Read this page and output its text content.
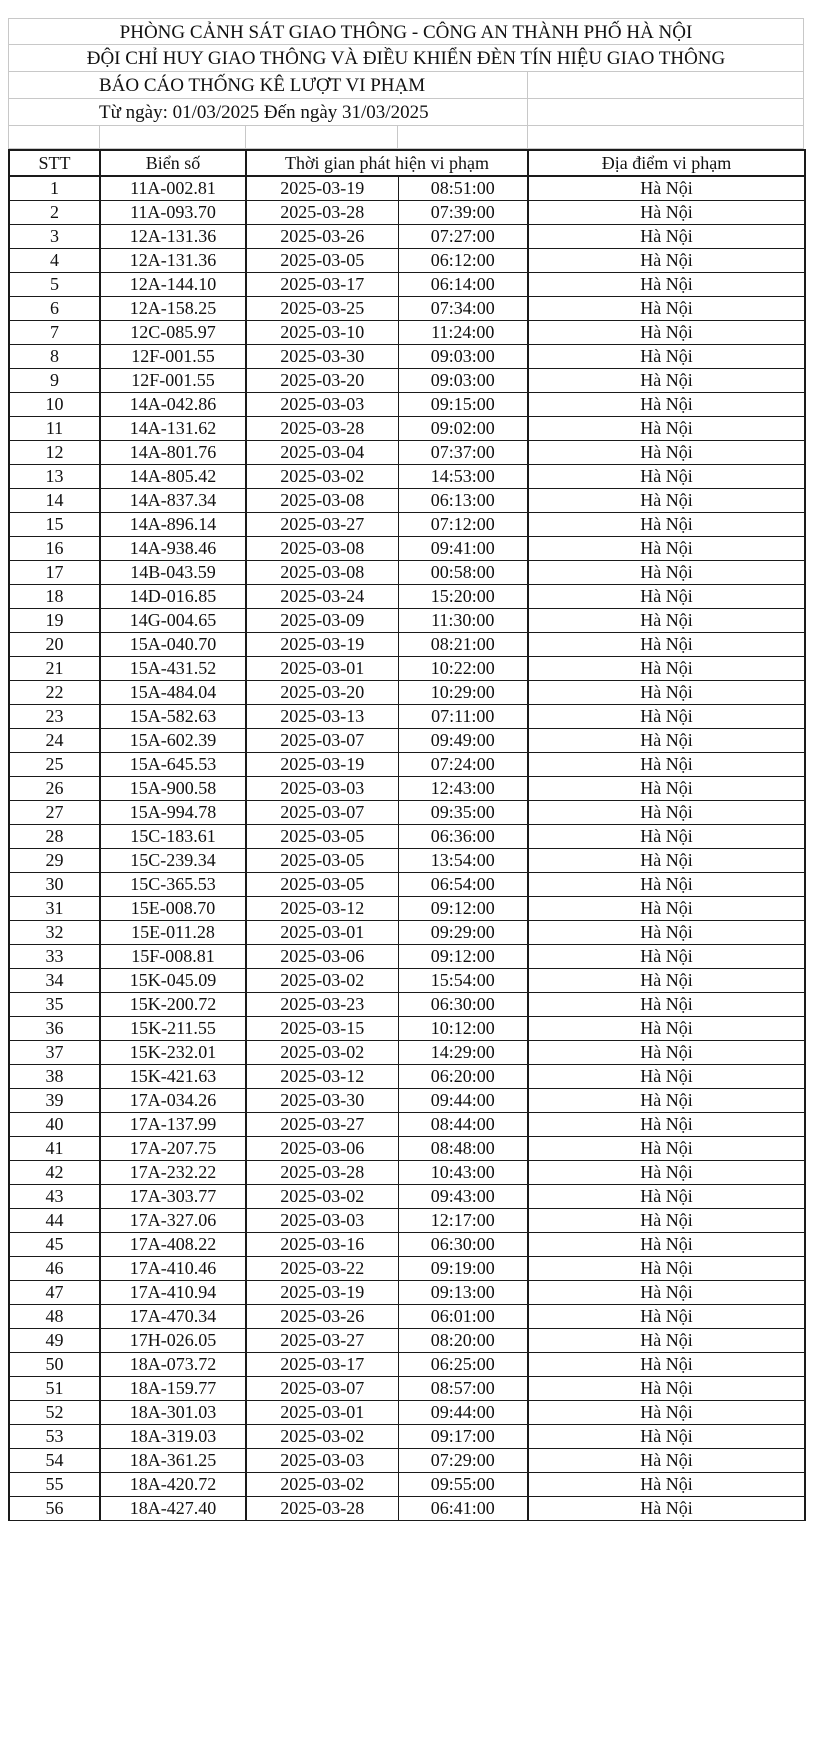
PHÒNG CẢNH SÁT GIAO THÔNG - CÔNG AN THÀNH PHỐ HÀ NỘI
ĐỘI CHỈ HUY GIAO THÔNG VÀ ĐIỀU KHIỂN ĐÈN TÍN HIỆU GIAO THÔNG
BÁO CÁO THỐNG KÊ LƯỢT VI PHẠM
Từ ngày: 01/03/2025 Đến ngày 31/03/2025
STT	Biển số	Thời gian phát hiện vi phạm		Địa điểm vi phạm
1	11A-002.81	2025-03-19	08:51:00	Hà Nội
2	11A-093.70	2025-03-28	07:39:00	Hà Nội
3	12A-131.36	2025-03-26	07:27:00	Hà Nội
4	12A-131.36	2025-03-05	06:12:00	Hà Nội
5	12A-144.10	2025-03-17	06:14:00	Hà Nội
6	12A-158.25	2025-03-25	07:34:00	Hà Nội
7	12C-085.97	2025-03-10	11:24:00	Hà Nội
8	12F-001.55	2025-03-30	09:03:00	Hà Nội
9	12F-001.55	2025-03-20	09:03:00	Hà Nội
10	14A-042.86	2025-03-03	09:15:00	Hà Nội
11	14A-131.62	2025-03-28	09:02:00	Hà Nội
12	14A-801.76	2025-03-04	07:37:00	Hà Nội
13	14A-805.42	2025-03-02	14:53:00	Hà Nội
14	14A-837.34	2025-03-08	06:13:00	Hà Nội
15	14A-896.14	2025-03-27	07:12:00	Hà Nội
16	14A-938.46	2025-03-08	09:41:00	Hà Nội
17	14B-043.59	2025-03-08	00:58:00	Hà Nội
18	14D-016.85	2025-03-24	15:20:00	Hà Nội
19	14G-004.65	2025-03-09	11:30:00	Hà Nội
20	15A-040.70	2025-03-19	08:21:00	Hà Nội
21	15A-431.52	2025-03-01	10:22:00	Hà Nội
22	15A-484.04	2025-03-20	10:29:00	Hà Nội
23	15A-582.63	2025-03-13	07:11:00	Hà Nội
24	15A-602.39	2025-03-07	09:49:00	Hà Nội
25	15A-645.53	2025-03-19	07:24:00	Hà Nội
26	15A-900.58	2025-03-03	12:43:00	Hà Nội
27	15A-994.78	2025-03-07	09:35:00	Hà Nội
28	15C-183.61	2025-03-05	06:36:00	Hà Nội
29	15C-239.34	2025-03-05	13:54:00	Hà Nội
30	15C-365.53	2025-03-05	06:54:00	Hà Nội
31	15E-008.70	2025-03-12	09:12:00	Hà Nội
32	15E-011.28	2025-03-01	09:29:00	Hà Nội
33	15F-008.81	2025-03-06	09:12:00	Hà Nội
34	15K-045.09	2025-03-02	15:54:00	Hà Nội
35	15K-200.72	2025-03-23	06:30:00	Hà Nội
36	15K-211.55	2025-03-15	10:12:00	Hà Nội
37	15K-232.01	2025-03-02	14:29:00	Hà Nội
38	15K-421.63	2025-03-12	06:20:00	Hà Nội
39	17A-034.26	2025-03-30	09:44:00	Hà Nội
40	17A-137.99	2025-03-27	08:44:00	Hà Nội
41	17A-207.75	2025-03-06	08:48:00	Hà Nội
42	17A-232.22	2025-03-28	10:43:00	Hà Nội
43	17A-303.77	2025-03-02	09:43:00	Hà Nội
44	17A-327.06	2025-03-03	12:17:00	Hà Nội
45	17A-408.22	2025-03-16	06:30:00	Hà Nội
46	17A-410.46	2025-03-22	09:19:00	Hà Nội
47	17A-410.94	2025-03-19	09:13:00	Hà Nội
48	17A-470.34	2025-03-26	06:01:00	Hà Nội
49	17H-026.05	2025-03-27	08:20:00	Hà Nội
50	18A-073.72	2025-03-17	06:25:00	Hà Nội
51	18A-159.77	2025-03-07	08:57:00	Hà Nội
52	18A-301.03	2025-03-01	09:44:00	Hà Nội
53	18A-319.03	2025-03-02	09:17:00	Hà Nội
54	18A-361.25	2025-03-03	07:29:00	Hà Nội
55	18A-420.72	2025-03-02	09:55:00	Hà Nội
56	18A-427.40	2025-03-28	06:41:00	Hà Nội
